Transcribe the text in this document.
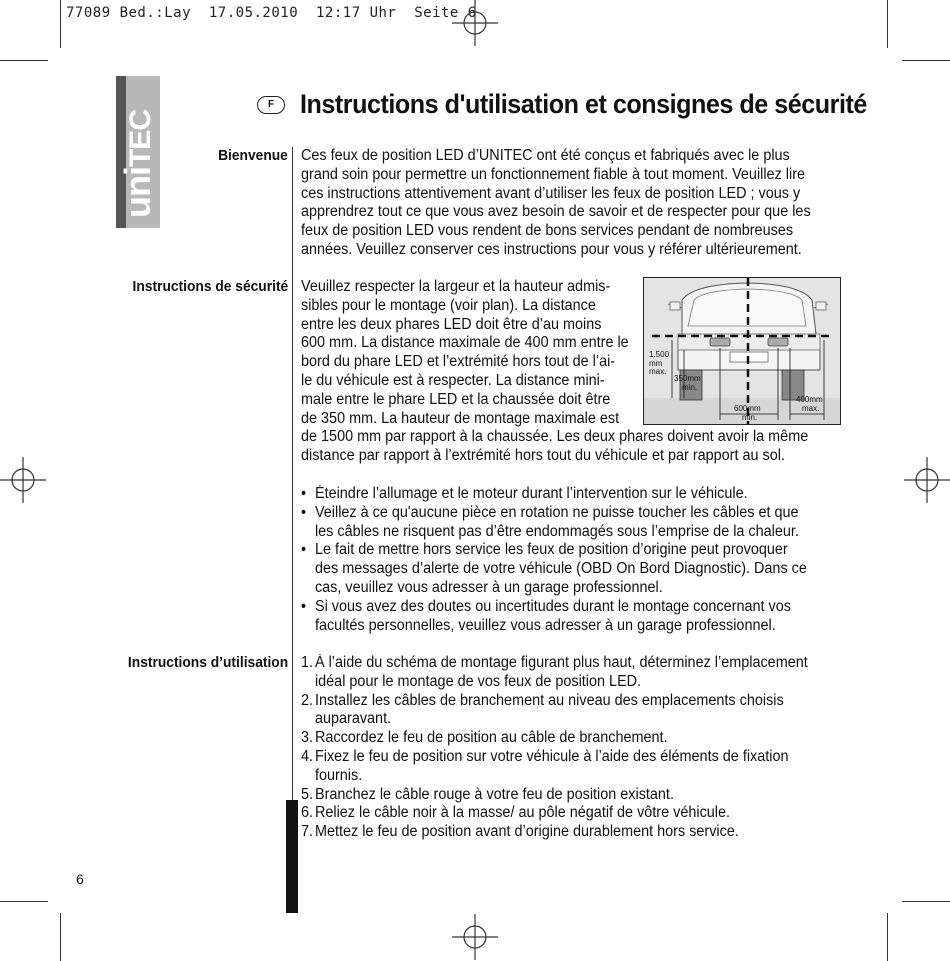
77089 Bed.:Lay  17.05.2010  12:17 Uhr  Seite 6
uniTEC
F Instructions d'utilisation et consignes de sécurité
Bienvenue Ces feux de position LED d’UNITEC ont été conçus et fabriqués avec le plus
grand soin pour permettre un fonctionnement fiable à tout moment. Veuillez lire
ces instructions attentivement avant d’utiliser les feux de position LED ; vous y
apprendrez tout ce que vous avez besoin de savoir et de respecter pour que les
feux de position LED vous rendent de bons services pendant de nombreuses
années. Veuillez conserver ces instructions pour vous y référer ultérieurement.
Instructions de sécurité Veuillez respecter la largeur et la hauteur admis-
sibles pour le montage (voir plan). La distance
entre les deux phares LED doit être d’au moins
600 mm. La distance maximale de 400 mm entre le
bord du phare LED et l’extrémité hors tout de l’ai-
le du véhicule est à respecter. La distance mini-
male entre le phare LED et la chaussée doit être
de 350 mm. La hauteur de montage maximale est
de 1500 mm par rapport à la chaussée. Les deux phares doivent avoir la même
distance par rapport à l’extrémité hors tout du véhicule et par rapport au sol.
1.500
mm
max.
350mm
min.
600mm
min.
400mm
max.
• Éteindre l’allumage et le moteur durant l’intervention sur le véhicule.
• Veillez à ce qu'aucune pièce en rotation ne puisse toucher les câbles et que
les câbles ne risquent pas d’être endommagés sous l’emprise de la chaleur.
• Le fait de mettre hors service les feux de position d’origine peut provoquer
des messages d’alerte de votre véhicule (OBD On Bord Diagnostic). Dans ce
cas, veuillez vous adresser à un garage professionnel.
• Si vous avez des doutes ou incertitudes durant le montage concernant vos
facultés personnelles, veuillez vous adresser à un garage professionnel.
Instructions d’utilisation 1. À l’aide du schéma de montage figurant plus haut, déterminez l’emplacement
idéal pour le montage de vos feux de position LED.
2. Installez les câbles de branchement au niveau des emplacements choisis
auparavant.
3. Raccordez le feu de position au câble de branchement.
4. Fixez le feu de position sur votre véhicule à l’aide des éléments de fixation
fournis.
5. Branchez le câble rouge à votre feu de position existant.
6. Reliez le câble noir à la masse/ au pôle négatif de vôtre véhicule.
7. Mettez le feu de position avant d’origine durablement hors service.
6
